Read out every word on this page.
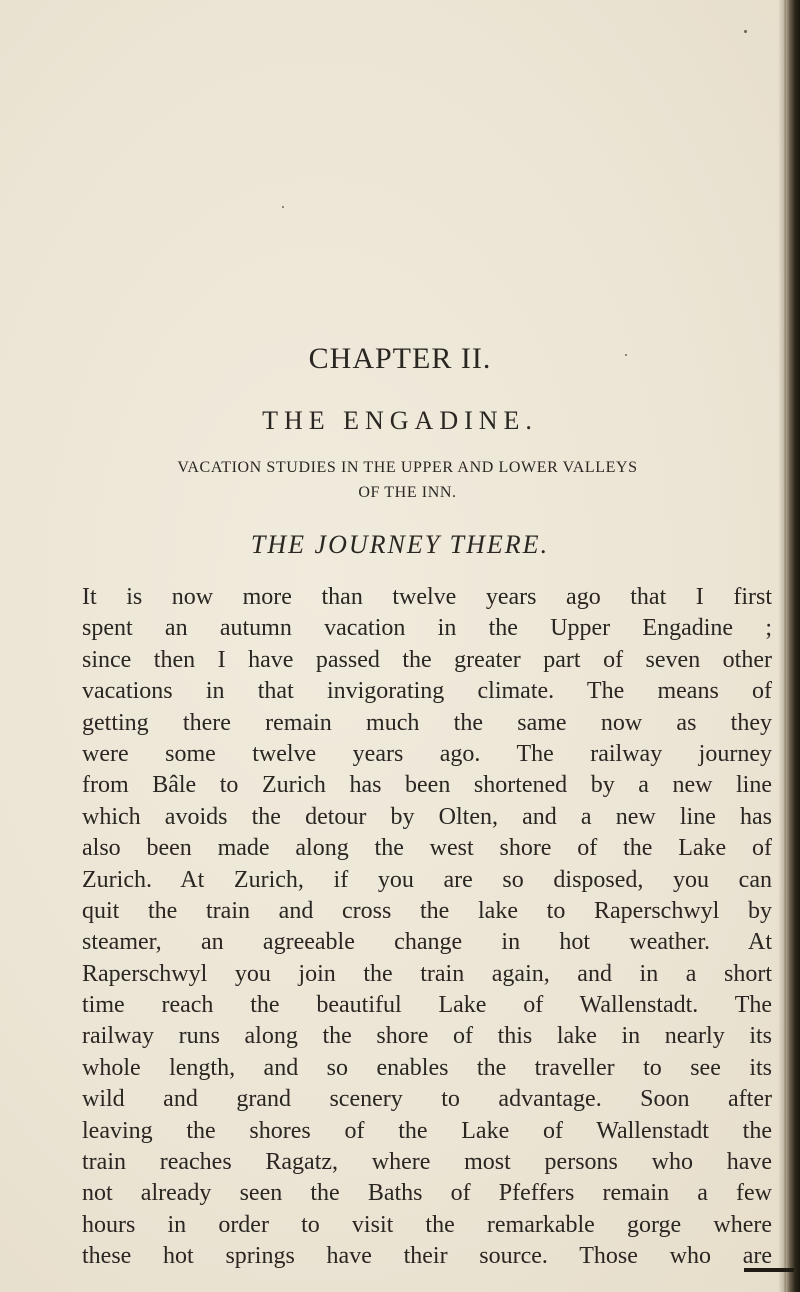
CHAPTER II.
THE ENGADINE.

VACATION STUDIES IN THE UPPER AND LOWER VALLEYS
OF THE INN.

THE JOURNEY THERE.
It is now more than twelve years ago that I first
spent an autumn vacation in the Upper Engadine ;
since then I have passed the greater part of seven other
vacations in that invigorating climate. The means of
getting there remain much the same now as they
were some twelve years ago. The railway journey
from Bâle to Zurich has been shortened by a new line
which avoids the detour by Olten, and a new line has
also been made along the west shore of the Lake of
Zurich. At Zurich, if you are so disposed, you can
quit the train and cross the lake to Raperschwyl by
steamer, an agreeable change in hot weather. At
Raperschwyl you join the train again, and in a short
time reach the beautiful Lake of Wallenstadt. The
railway runs along the shore of this lake in nearly its
whole length, and so enables the traveller to see its
wild and grand scenery to advantage. Soon after
leaving the shores of the Lake of Wallenstadt the
train reaches Ragatz, where most persons who have
not already seen the Baths of Pfeffers remain a few
hours in order to visit the remarkable gorge where
these hot springs have their source. Those who are
